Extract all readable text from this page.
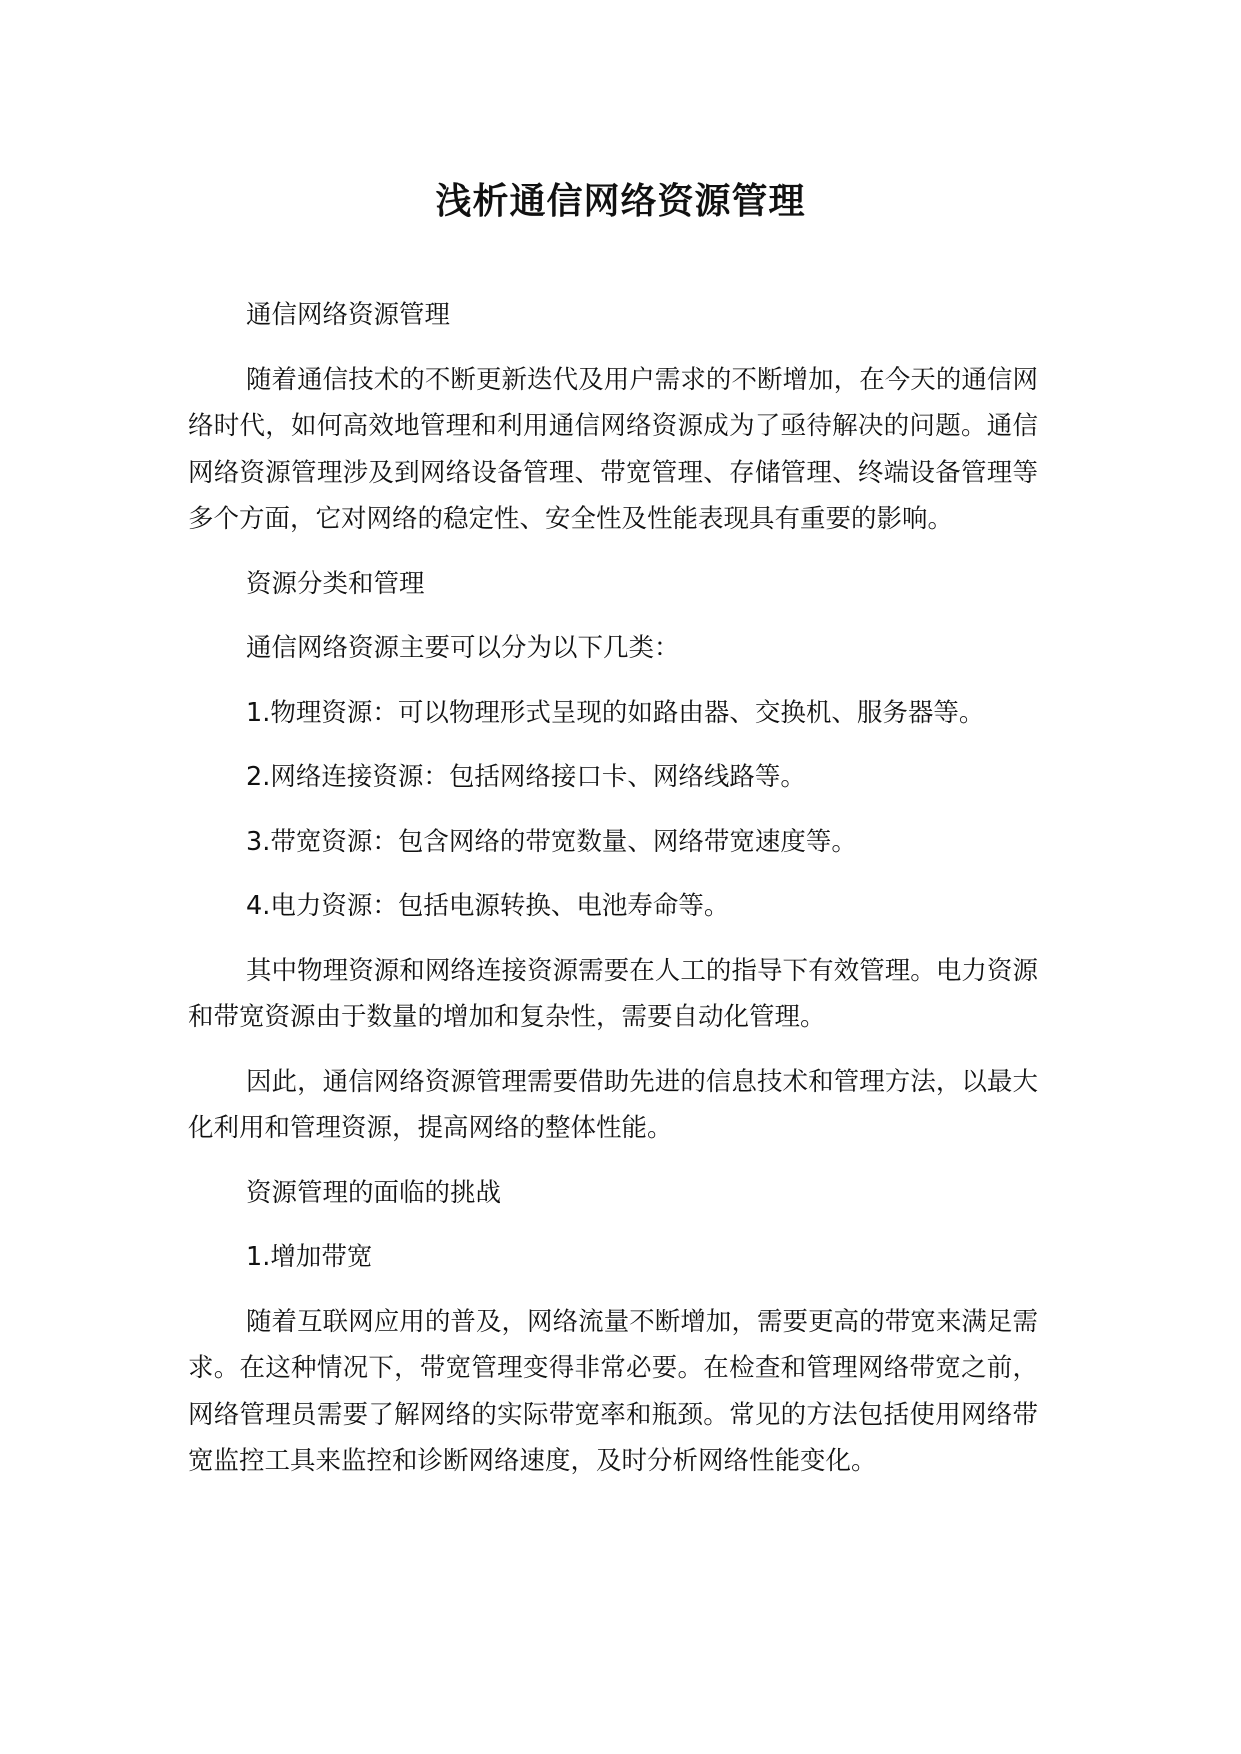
浅析通信网络资源管理

通信网络资源管理

随着通信技术的不断更新迭代及用户需求的不断增加，在今天的通信网络时代，如何高效地管理和利用通信网络资源成为了亟待解决的问题。通信网络资源管理涉及到网络设备管理、带宽管理、存储管理、终端设备管理等多个方面，它对网络的稳定性、安全性及性能表现具有重要的影响。

资源分类和管理

通信网络资源主要可以分为以下几类：

1.物理资源：可以物理形式呈现的如路由器、交换机、服务器等。

2.网络连接资源：包括网络接口卡、网络线路等。

3.带宽资源：包含网络的带宽数量、网络带宽速度等。

4.电力资源：包括电源转换、电池寿命等。

其中物理资源和网络连接资源需要在人工的指导下有效管理。电力资源和带宽资源由于数量的增加和复杂性，需要自动化管理。

因此，通信网络资源管理需要借助先进的信息技术和管理方法，以最大化利用和管理资源，提高网络的整体性能。

资源管理的面临的挑战

1.增加带宽

随着互联网应用的普及，网络流量不断增加，需要更高的带宽来满足需求。在这种情况下，带宽管理变得非常必要。在检查和管理网络带宽之前，网络管理员需要了解网络的实际带宽率和瓶颈。常见的方法包括使用网络带宽监控工具来监控和诊断网络速度，及时分析网络性能变化。
